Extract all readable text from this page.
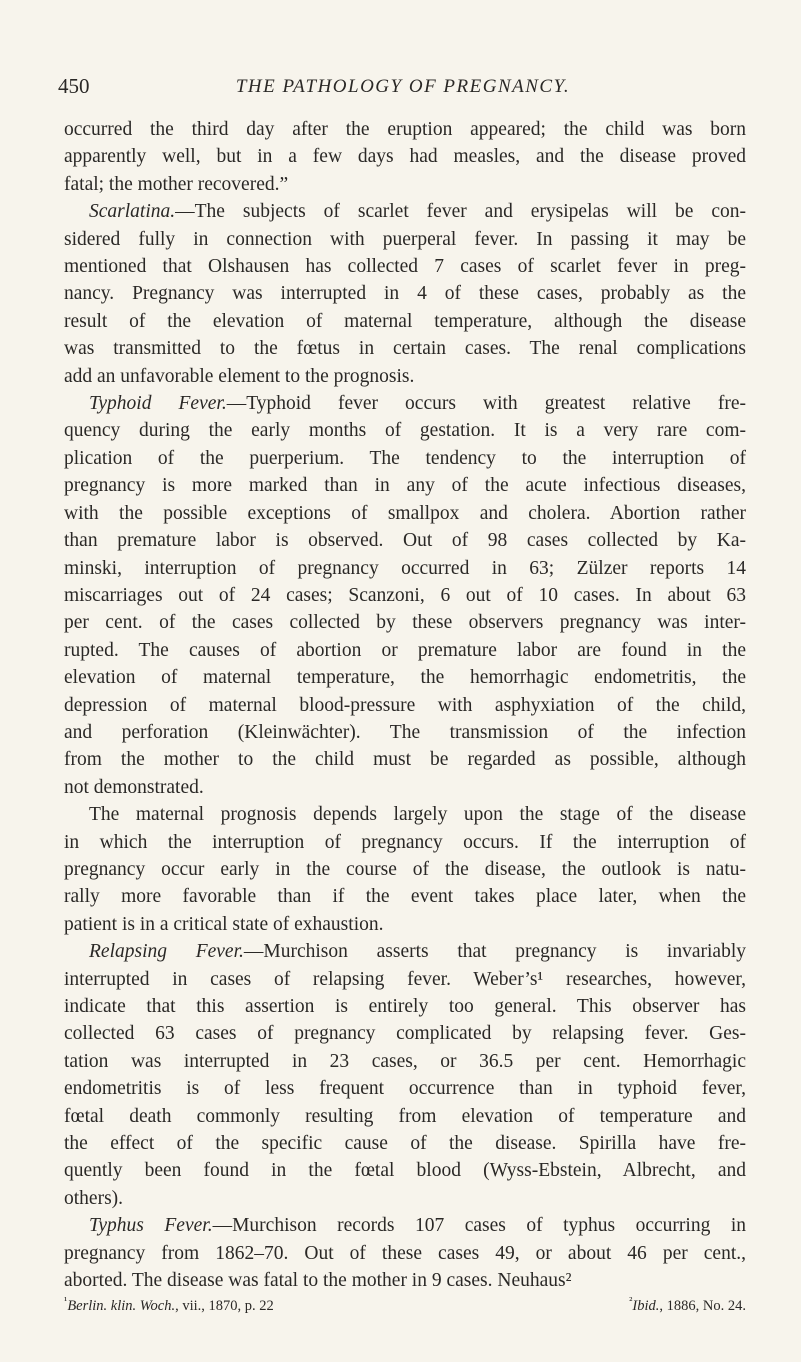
450	THE PATHOLOGY OF PREGNANCY.
occurred the third day after the eruption appeared; the child was born
apparently well, but in a few days had measles, and the disease proved
fatal; the mother recovered.”
Scarlatina.—The subjects of scarlet fever and erysipelas will be con-
sidered fully in connection with puerperal fever. In passing it may be
mentioned that Olshausen has collected 7 cases of scarlet fever in preg-
nancy. Pregnancy was interrupted in 4 of these cases, probably as the
result of the elevation of maternal temperature, although the disease
was transmitted to the fœtus in certain cases. The renal complications
add an unfavorable element to the prognosis.
Typhoid Fever.—Typhoid fever occurs with greatest relative fre-
quency during the early months of gestation. It is a very rare com-
plication of the puerperium. The tendency to the interruption of
pregnancy is more marked than in any of the acute infectious diseases,
with the possible exceptions of smallpox and cholera. Abortion rather
than premature labor is observed. Out of 98 cases collected by Ka-
minski, interruption of pregnancy occurred in 63; Zülzer reports 14
miscarriages out of 24 cases; Scanzoni, 6 out of 10 cases. In about 63
per cent. of the cases collected by these observers pregnancy was inter-
rupted. The causes of abortion or premature labor are found in the
elevation of maternal temperature, the hemorrhagic endometritis, the
depression of maternal blood-pressure with asphyxiation of the child,
and perforation (Kleinwächter). The transmission of the infection
from the mother to the child must be regarded as possible, although
not demonstrated.
The maternal prognosis depends largely upon the stage of the disease
in which the interruption of pregnancy occurs. If the interruption of
pregnancy occur early in the course of the disease, the outlook is natu-
rally more favorable than if the event takes place later, when the
patient is in a critical state of exhaustion.
Relapsing Fever.—Murchison asserts that pregnancy is invariably
interrupted in cases of relapsing fever. Weber’s¹ researches, however,
indicate that this assertion is entirely too general. This observer has
collected 63 cases of pregnancy complicated by relapsing fever. Ges-
tation was interrupted in 23 cases, or 36.5 per cent. Hemorrhagic
endometritis is of less frequent occurrence than in typhoid fever,
fœtal death commonly resulting from elevation of temperature and
the effect of the specific cause of the disease. Spirilla have fre-
quently been found in the fœtal blood (Wyss-Ebstein, Albrecht, and
others).
Typhus Fever.—Murchison records 107 cases of typhus occurring in
pregnancy from 1862–70. Out of these cases 49, or about 46 per cent.,
aborted. The disease was fatal to the mother in 9 cases. Neuhaus²
$^{^1}$Berlin. klin. Woch., vii., 1870, p. 22	$^{^2}$Ibid., 1886, No. 24.
